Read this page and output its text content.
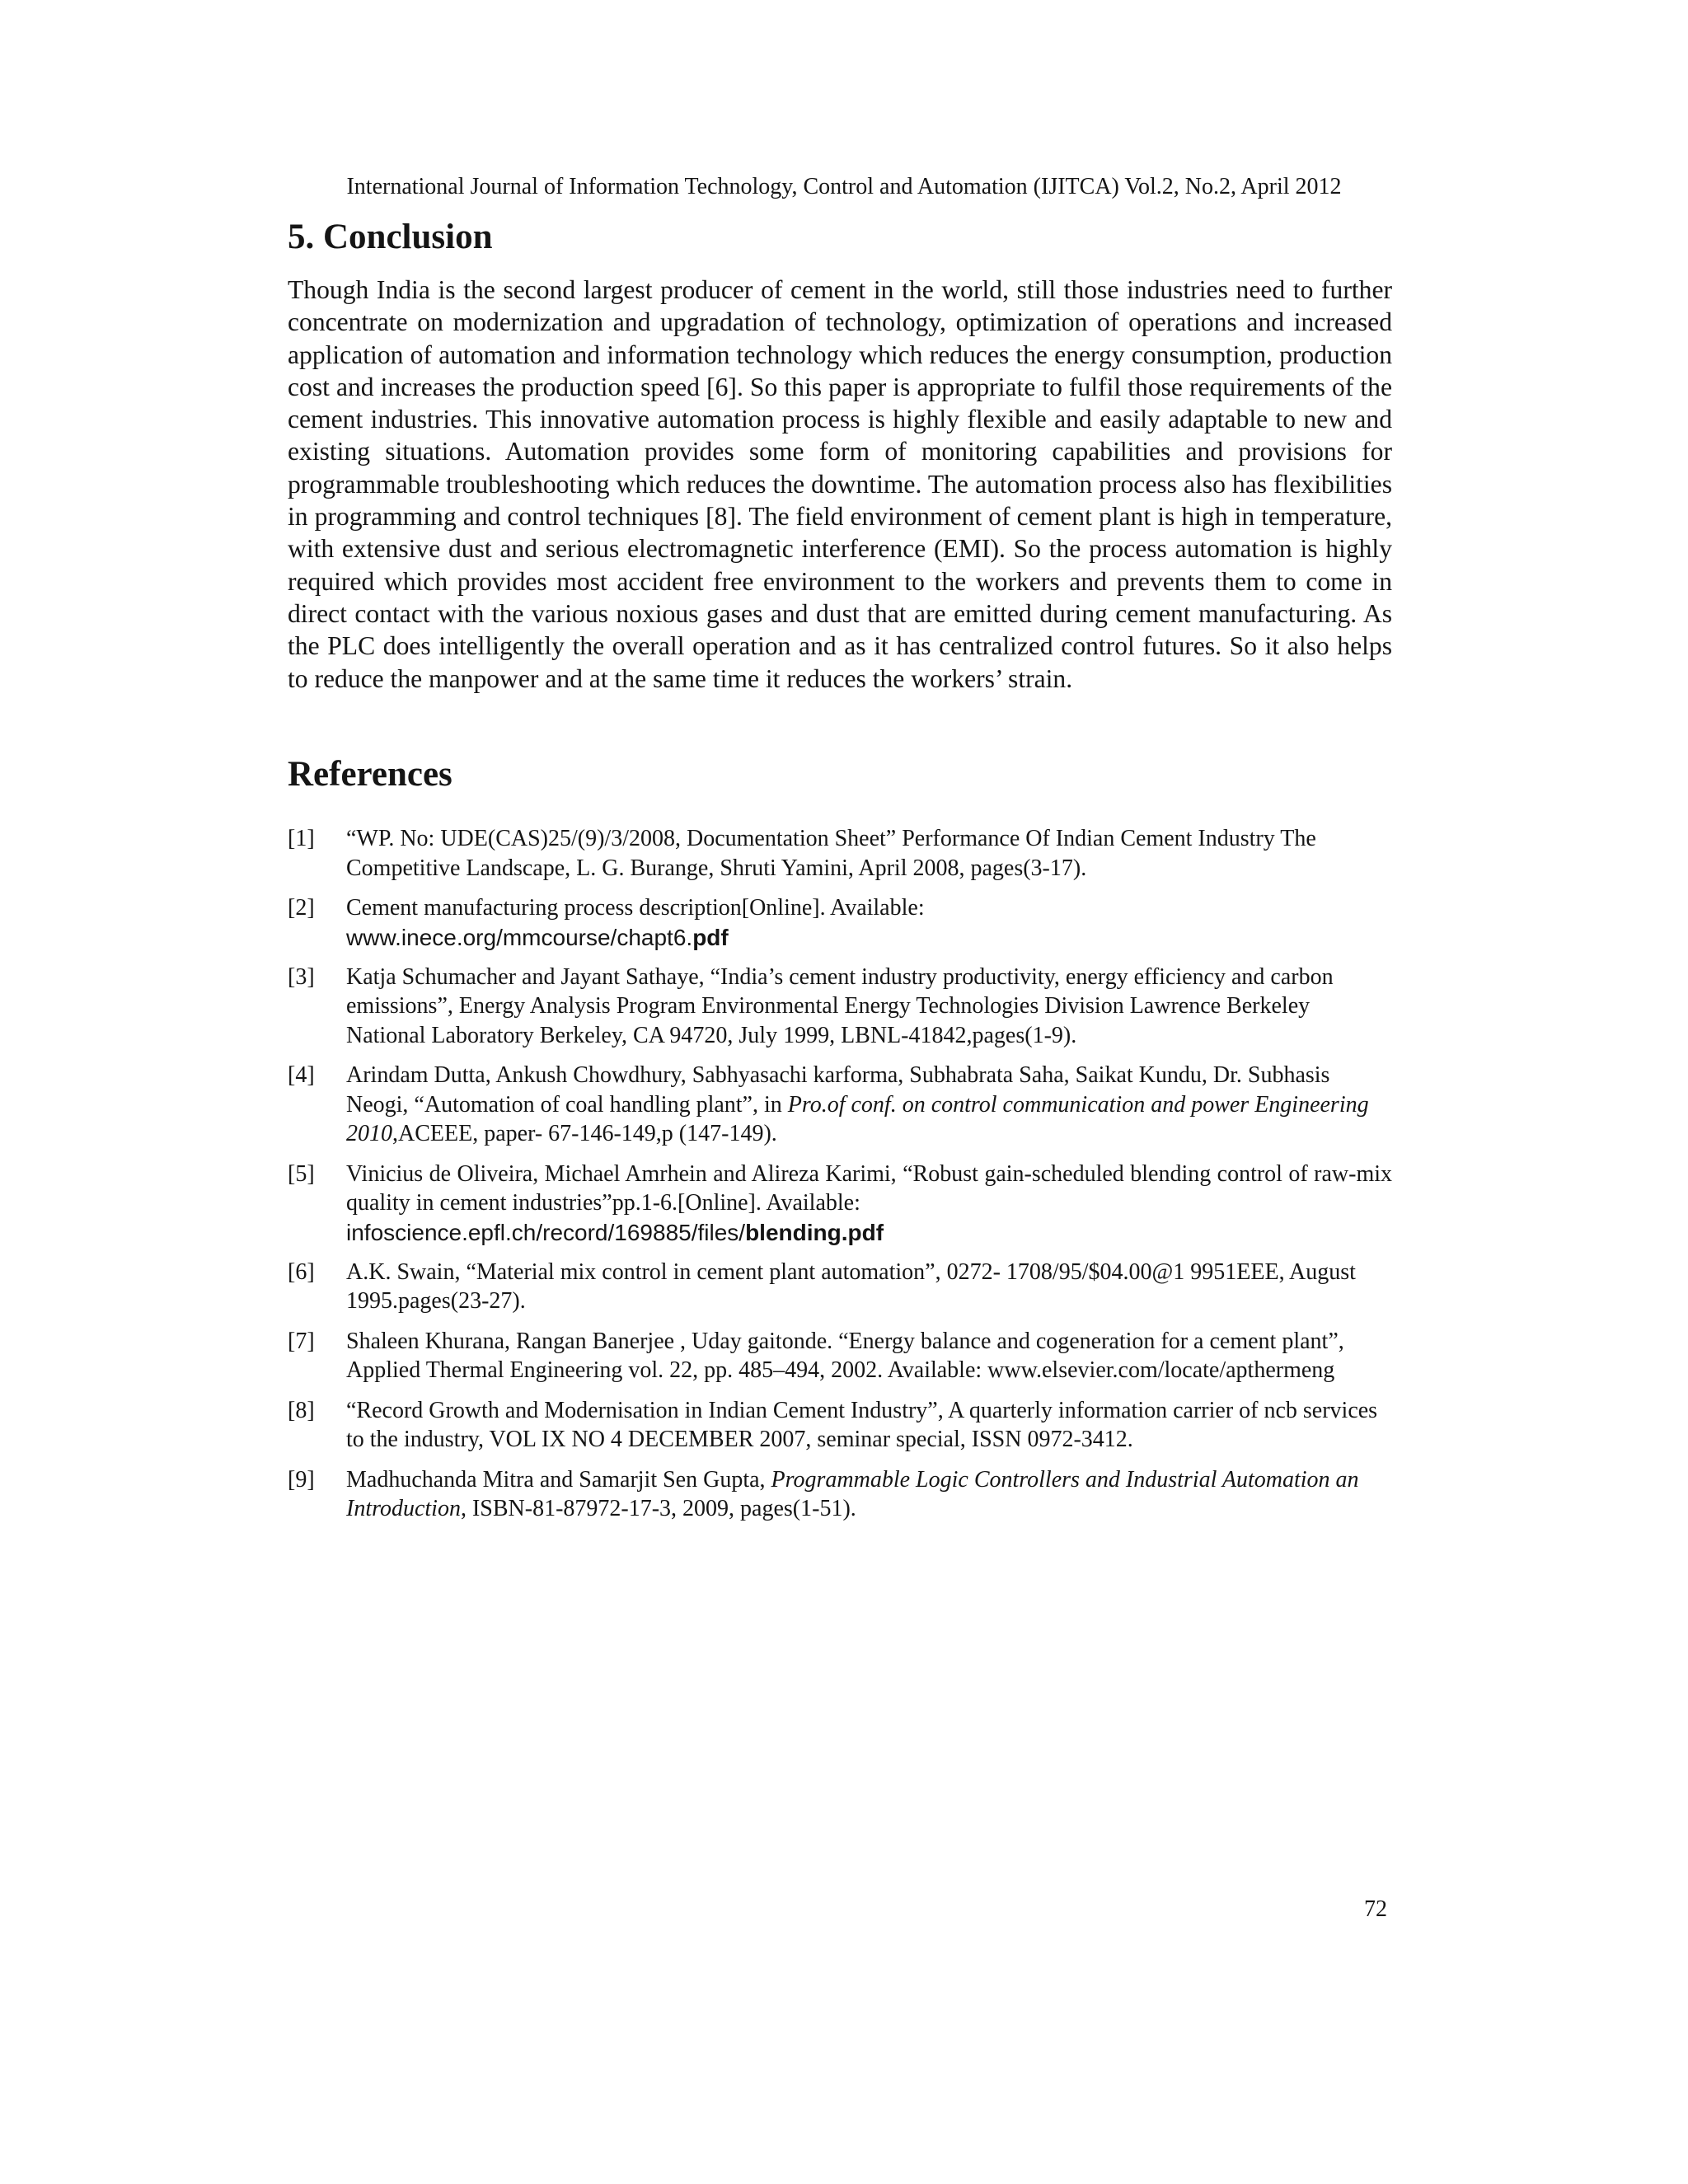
International Journal of Information Technology, Control and Automation (IJITCA) Vol.2, No.2, April 2012
5. Conclusion

Though India is the second largest producer of cement in the world, still those industries need to further concentrate on modernization and upgradation of technology, optimization of operations and increased application of automation and information technology which reduces the energy consumption, production cost and increases the production speed [6]. So this paper is appropriate to fulfil those requirements of the cement industries. This innovative automation process is highly flexible and easily adaptable to new and existing situations. Automation provides some form of monitoring capabilities and provisions for programmable troubleshooting which reduces the downtime. The automation process also has flexibilities in programming and control techniques [8]. The field environment of cement plant is high in temperature, with extensive dust and serious electromagnetic interference (EMI). So the process automation is highly required which provides most accident free environment to the workers and prevents them to come in direct contact with the various noxious gases and dust that are emitted during cement manufacturing. As the PLC does intelligently the overall operation and as it has centralized control futures. So it also helps to reduce the manpower and at the same time it reduces the workers’ strain.

References
[1] “WP. No: UDE(CAS)25/(9)/3/2008, Documentation Sheet” Performance Of Indian Cement Industry The Competitive Landscape, L. G. Burange, Shruti Yamini, April 2008, pages(3-17).
[2] Cement manufacturing process description[Online]. Available:
www.inece.org/mmcourse/chapt6.pdf
[3] Katja Schumacher and Jayant Sathaye, “India’s cement industry productivity, energy efficiency and carbon emissions”, Energy Analysis Program Environmental Energy Technologies Division Lawrence Berkeley National Laboratory Berkeley, CA 94720, July 1999, LBNL-41842,pages(1-9).
[4] Arindam Dutta, Ankush Chowdhury, Sabhyasachi karforma, Subhabrata Saha, Saikat Kundu, Dr. Subhasis Neogi, “Automation of coal handling plant”, in Pro.of conf. on control communication and power Engineering 2010,ACEEE, paper- 67-146-149,p (147-149).
[5] Vinicius de Oliveira, Michael Amrhein and Alireza Karimi, “Robust gain-scheduled blending control of raw-mix quality in cement industries”pp.1-6.[Online]. Available:
infoscience.epfl.ch/record/169885/files/blending.pdf
[6] A.K. Swain, “Material mix control in cement plant automation”, 0272- 1708/95/$04.00@1 9951EEE, August 1995.pages(23-27).
[7] Shaleen Khurana, Rangan Banerjee , Uday gaitonde. “Energy balance and cogeneration for a cement plant”, Applied Thermal Engineering vol. 22, pp. 485–494, 2002. Available: www.elsevier.com/locate/apthermeng
[8] “Record Growth and Modernisation in Indian Cement Industry”, A quarterly information carrier of ncb services to the industry, VOL IX NO 4 DECEMBER 2007, seminar special, ISSN 0972-3412.
[9] Madhuchanda Mitra and Samarjit Sen Gupta, Programmable Logic Controllers and Industrial Automation an Introduction, ISBN-81-87972-17-3, 2009, pages(1-51).
72
